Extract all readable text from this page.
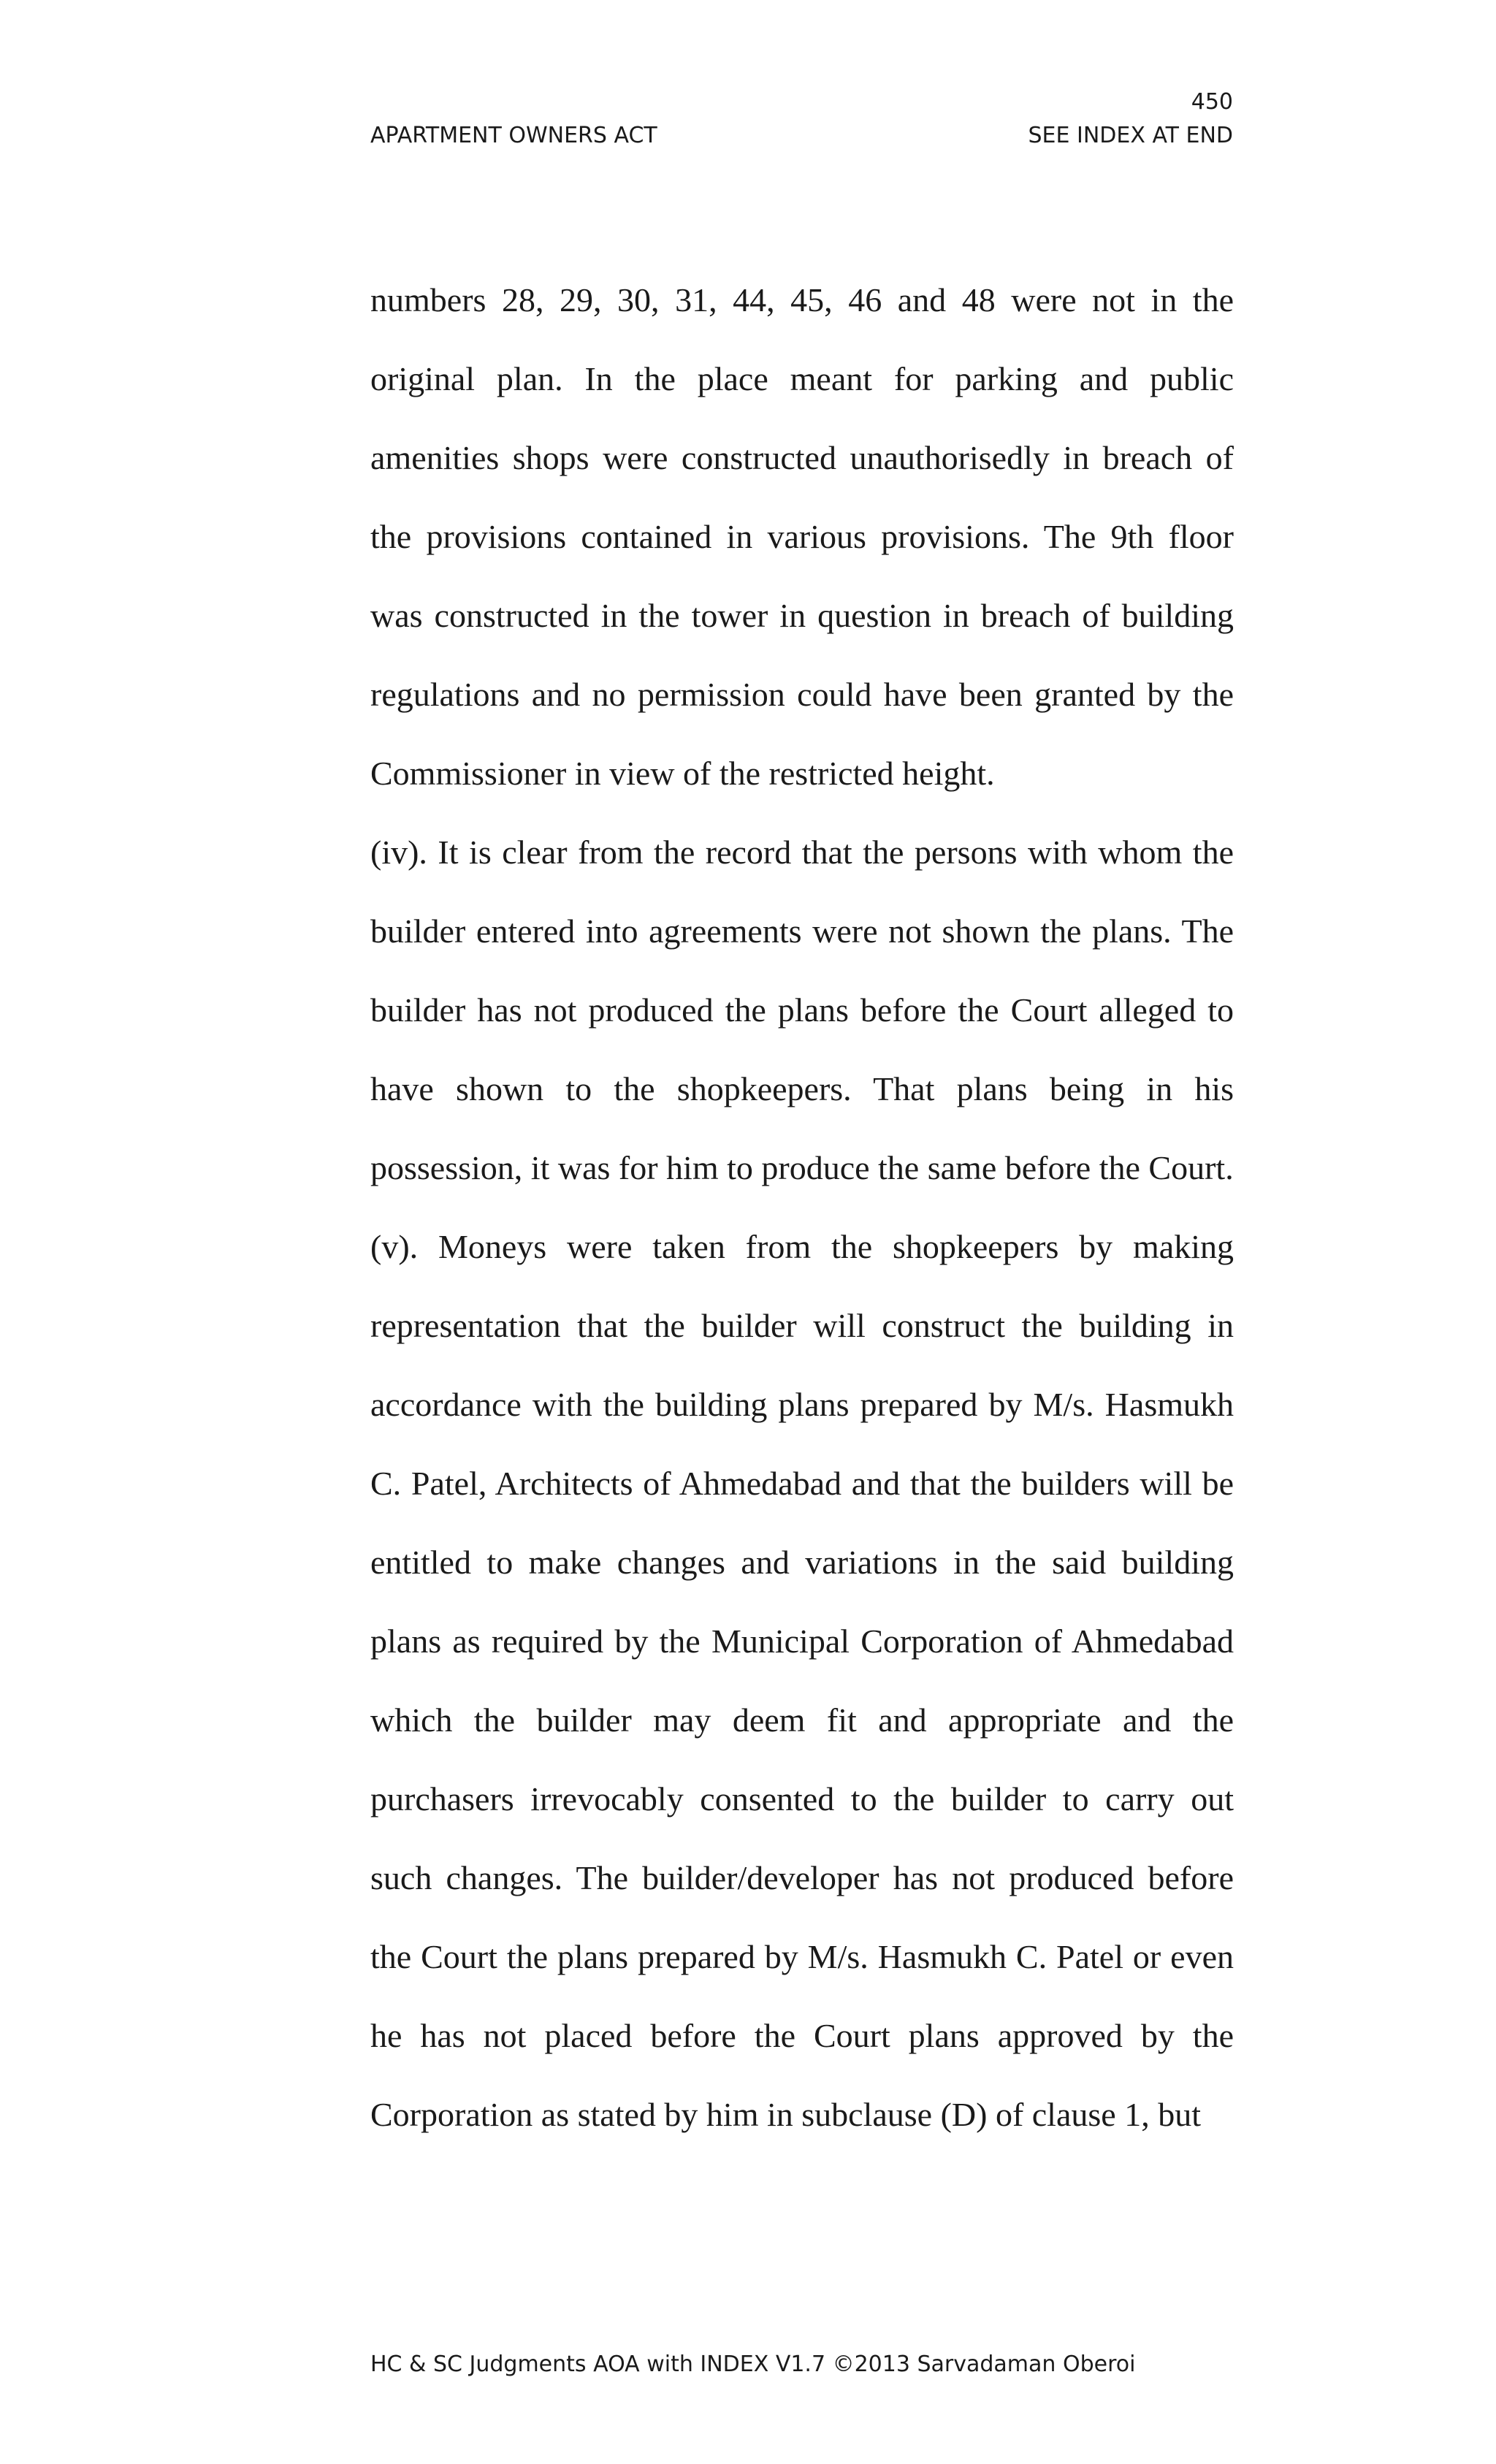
450
APARTMENT OWNERS ACT	SEE INDEX AT END

numbers 28, 29, 30, 31, 44, 45, 46 and 48 were not in the original plan. In the place meant for parking and public amenities shops were constructed unauthorisedly in breach of the provisions contained in various provisions. The 9th floor was constructed in the tower in question in breach of building regulations and no permission could have been granted by the Commissioner in view of the restricted height.

(iv). It is clear from the record that the persons with whom the builder entered into agreements were not shown the plans. The builder has not produced the plans before the Court alleged to have shown to the shopkeepers. That plans being in his possession, it was for him to produce the same before the Court.

(v). Moneys were taken from the shopkeepers by making representation that the builder will construct the building in accordance with the building plans prepared by M/s. Hasmukh C. Patel, Architects of Ahmedabad and that the builders will be entitled to make changes and variations in the said building plans as required by the Municipal Corporation of Ahmedabad which the builder may deem fit and appropriate and the purchasers irrevocably consented to the builder to carry out such changes. The builder/developer has not produced before the Court the plans prepared by M/s. Hasmukh C. Patel or even he has not placed before the Court plans approved by the Corporation as stated by him in subclause (D) of clause 1, but

HC & SC Judgments AOA with INDEX V1.7 ©2013 Sarvadaman Oberoi
